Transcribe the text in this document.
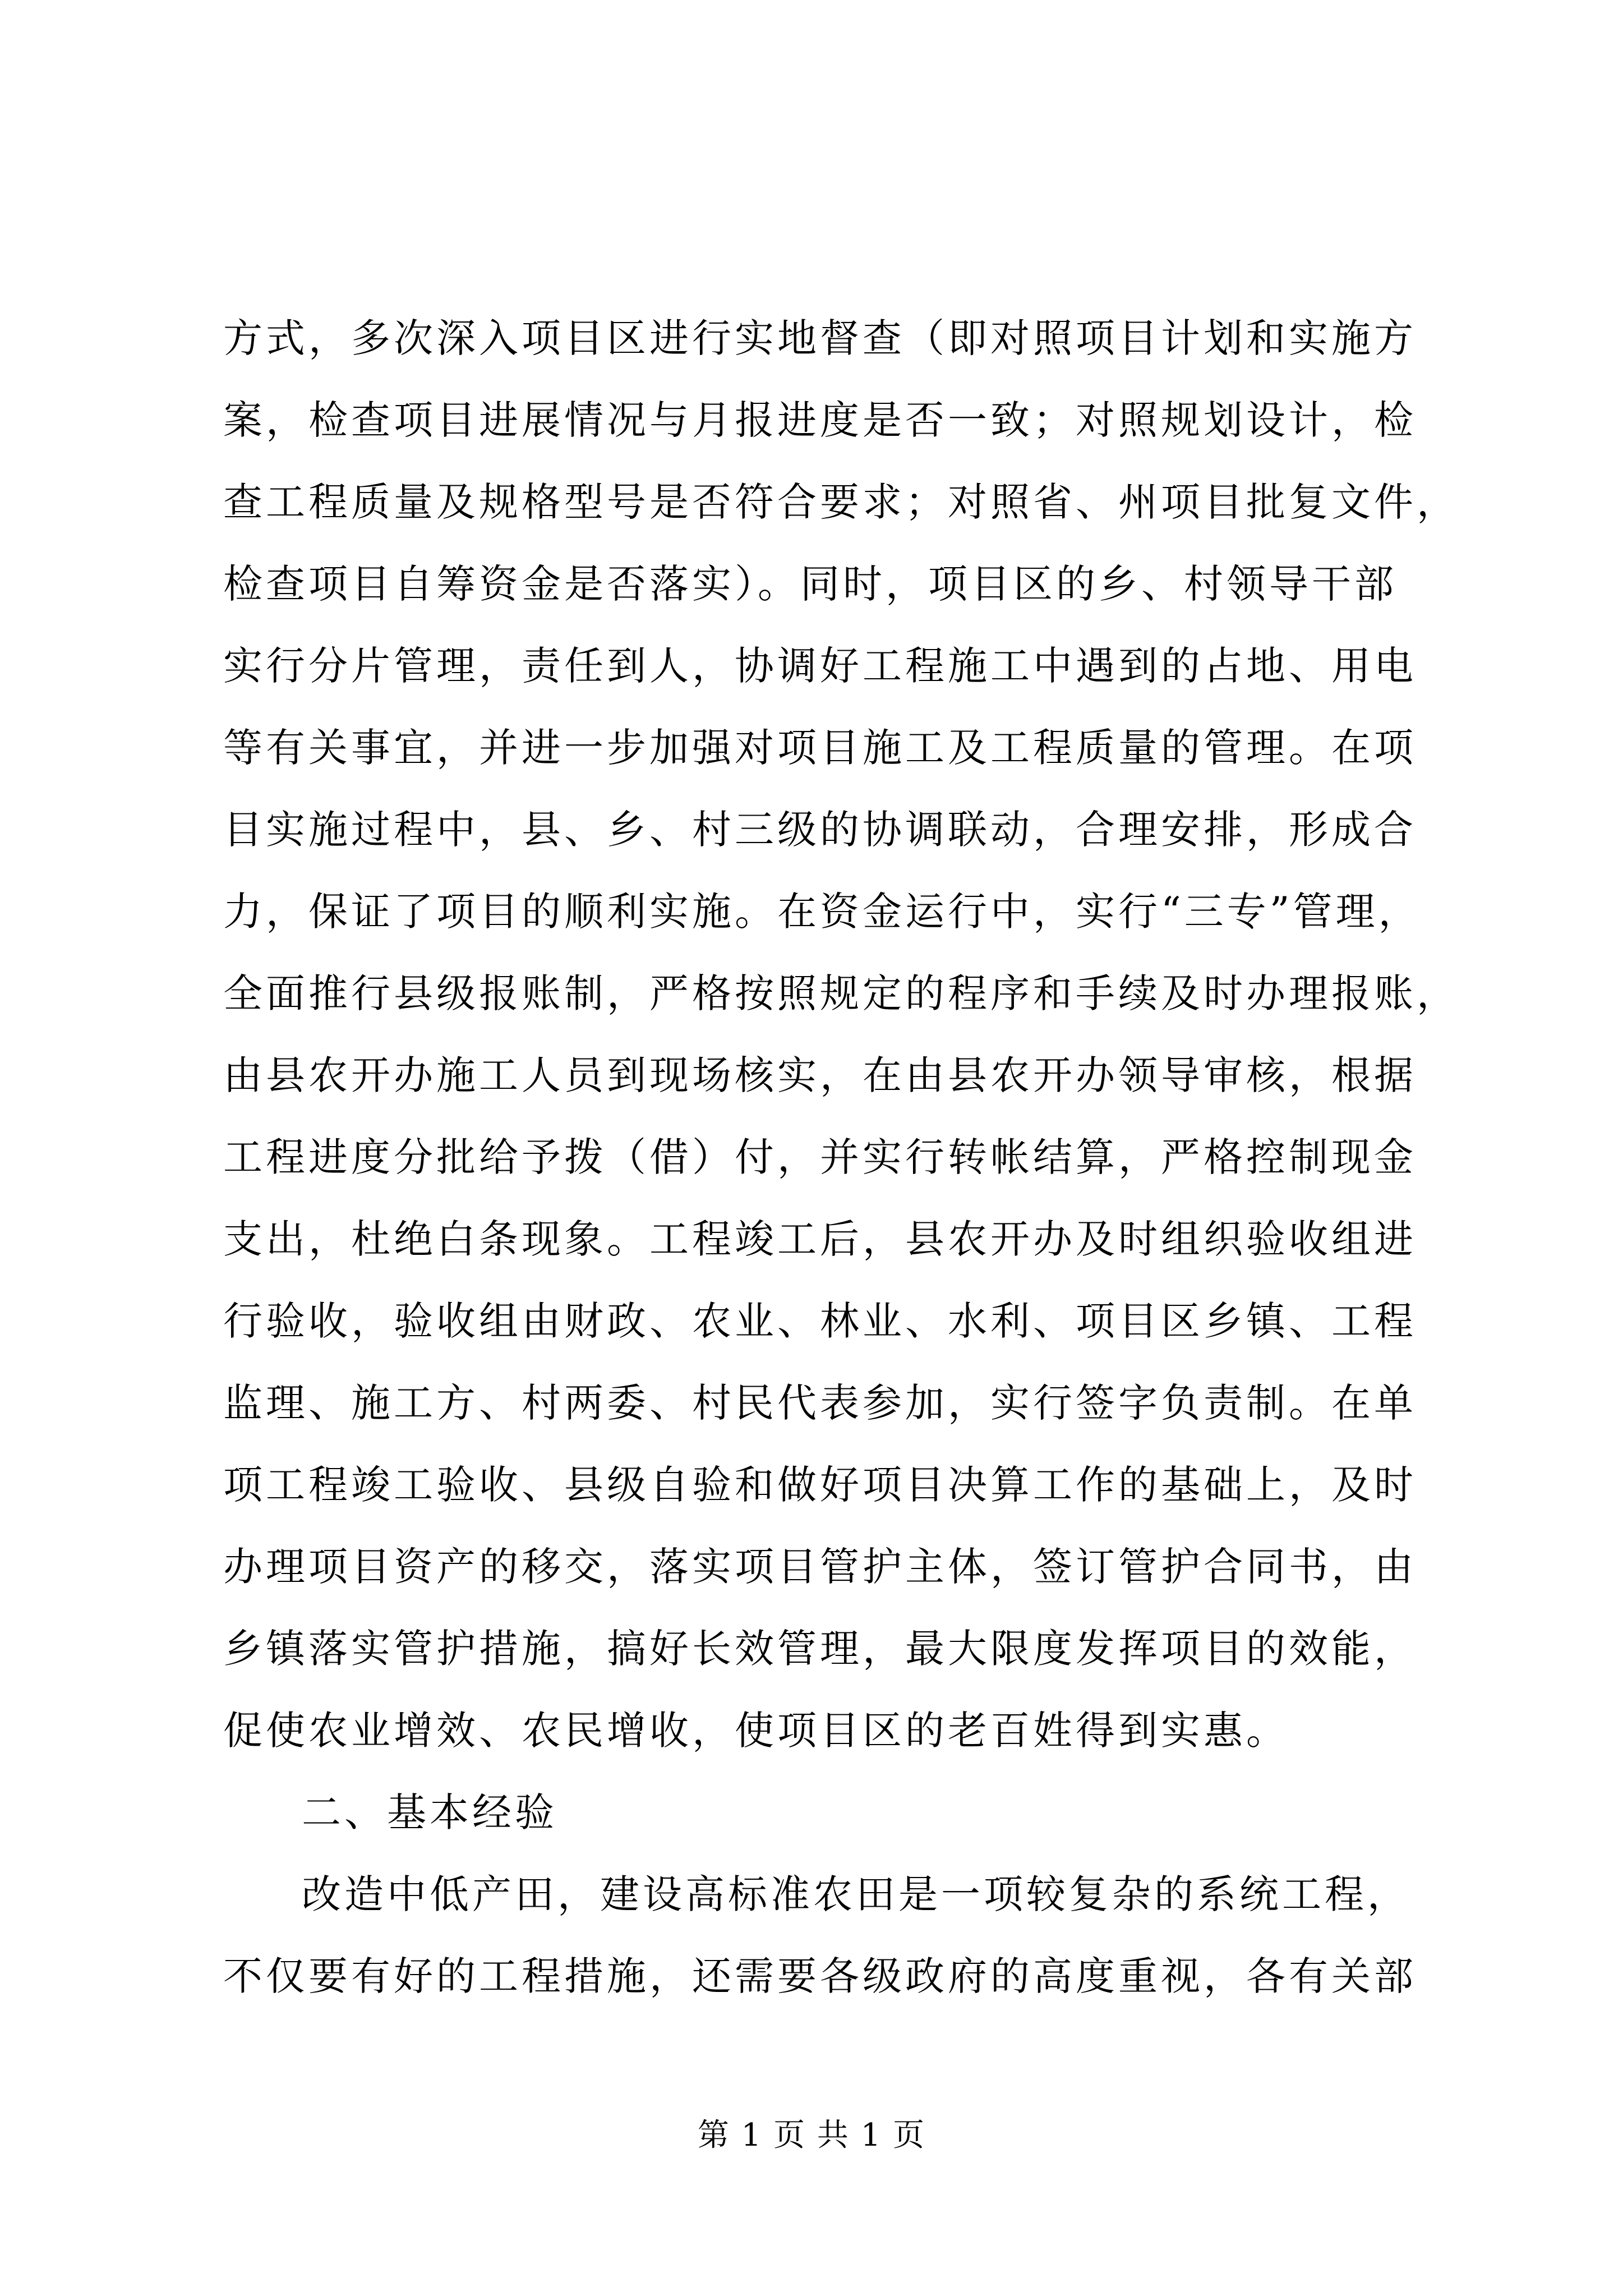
方式，多次深入项目区进行实地督查（即对照项目计划和实施方
案，检查项目进展情况与月报进度是否一致；对照规划设计，检
查工程质量及规格型号是否符合要求；对照省、州项目批复文件，
检查项目自筹资金是否落实）。同时，项目区的乡、村领导干部
实行分片管理，责任到人，协调好工程施工中遇到的占地、用电
等有关事宜，并进一步加强对项目施工及工程质量的管理。在项
目实施过程中，县、乡、村三级的协调联动，合理安排，形成合
力，保证了项目的顺利实施。在资金运行中，实行“三专”管理，
全面推行县级报账制，严格按照规定的程序和手续及时办理报账，
由县农开办施工人员到现场核实，在由县农开办领导审核，根据
工程进度分批给予拨（借）付，并实行转帐结算，严格控制现金
支出，杜绝白条现象。工程竣工后，县农开办及时组织验收组进
行验收，验收组由财政、农业、林业、水利、项目区乡镇、工程
监理、施工方、村两委、村民代表参加，实行签字负责制。在单
项工程竣工验收、县级自验和做好项目决算工作的基础上，及时
办理项目资产的移交，落实项目管护主体，签订管护合同书，由
乡镇落实管护措施，搞好长效管理，最大限度发挥项目的效能，
促使农业增效、农民增收，使项目区的老百姓得到实惠。
二、基本经验
改造中低产田，建设高标准农田是一项较复杂的系统工程，
不仅要有好的工程措施，还需要各级政府的高度重视，各有关部
第 1 页 共 1 页
